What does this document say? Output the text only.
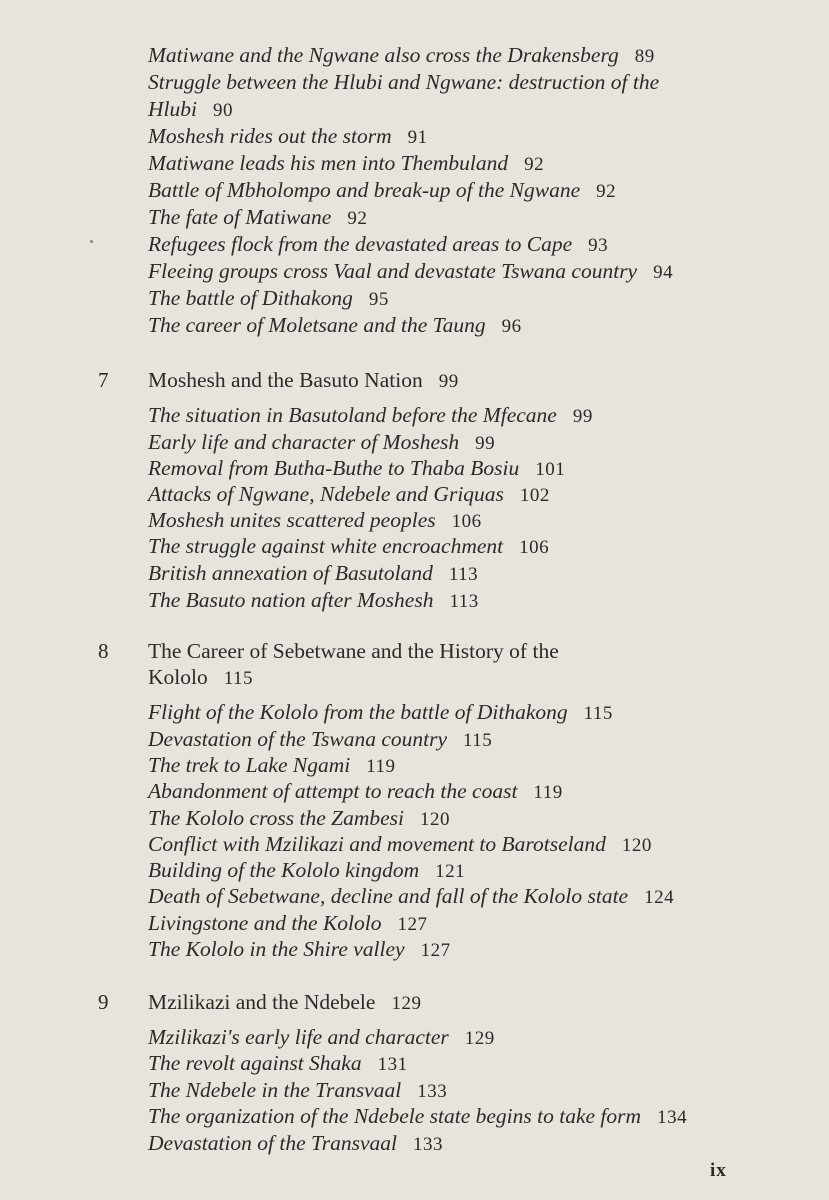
Matiwane and the Ngwane also cross the Drakensberg 89
Struggle between the Hlubi and Ngwane: destruction of the
Hlubi 90
Moshesh rides out the storm 91
Matiwane leads his men into Thembuland 92
Battle of Mbholompo and break-up of the Ngwane 92
The fate of Matiwane 92
Refugees flock from the devastated areas to Cape 93
Fleeing groups cross Vaal and devastate Tswana country 94
The battle of Dithakong 95
The career of Moletsane and the Taung 96
7 Moshesh and the Basuto Nation 99
The situation in Basutoland before the Mfecane 99
Early life and character of Moshesh 99
Removal from Butha-Buthe to Thaba Bosiu 101
Attacks of Ngwane, Ndebele and Griquas 102
Moshesh unites scattered peoples 106
The struggle against white encroachment 106
British annexation of Basutoland 113
The Basuto nation after Moshesh 113
8 The Career of Sebetwane and the History of the
Kololo 115
Flight of the Kololo from the battle of Dithakong 115
Devastation of the Tswana country 115
The trek to Lake Ngami 119
Abandonment of attempt to reach the coast 119
The Kololo cross the Zambesi 120
Conflict with Mzilikazi and movement to Barotseland 120
Building of the Kololo kingdom 121
Death of Sebetwane, decline and fall of the Kololo state 124
Livingstone and the Kololo 127
The Kololo in the Shire valley 127
9 Mzilikazi and the Ndebele 129
Mzilikazi's early life and character 129
The revolt against Shaka 131
The Ndebele in the Transvaal 133
The organization of the Ndebele state begins to take form 134
Devastation of the Transvaal 133
ix
